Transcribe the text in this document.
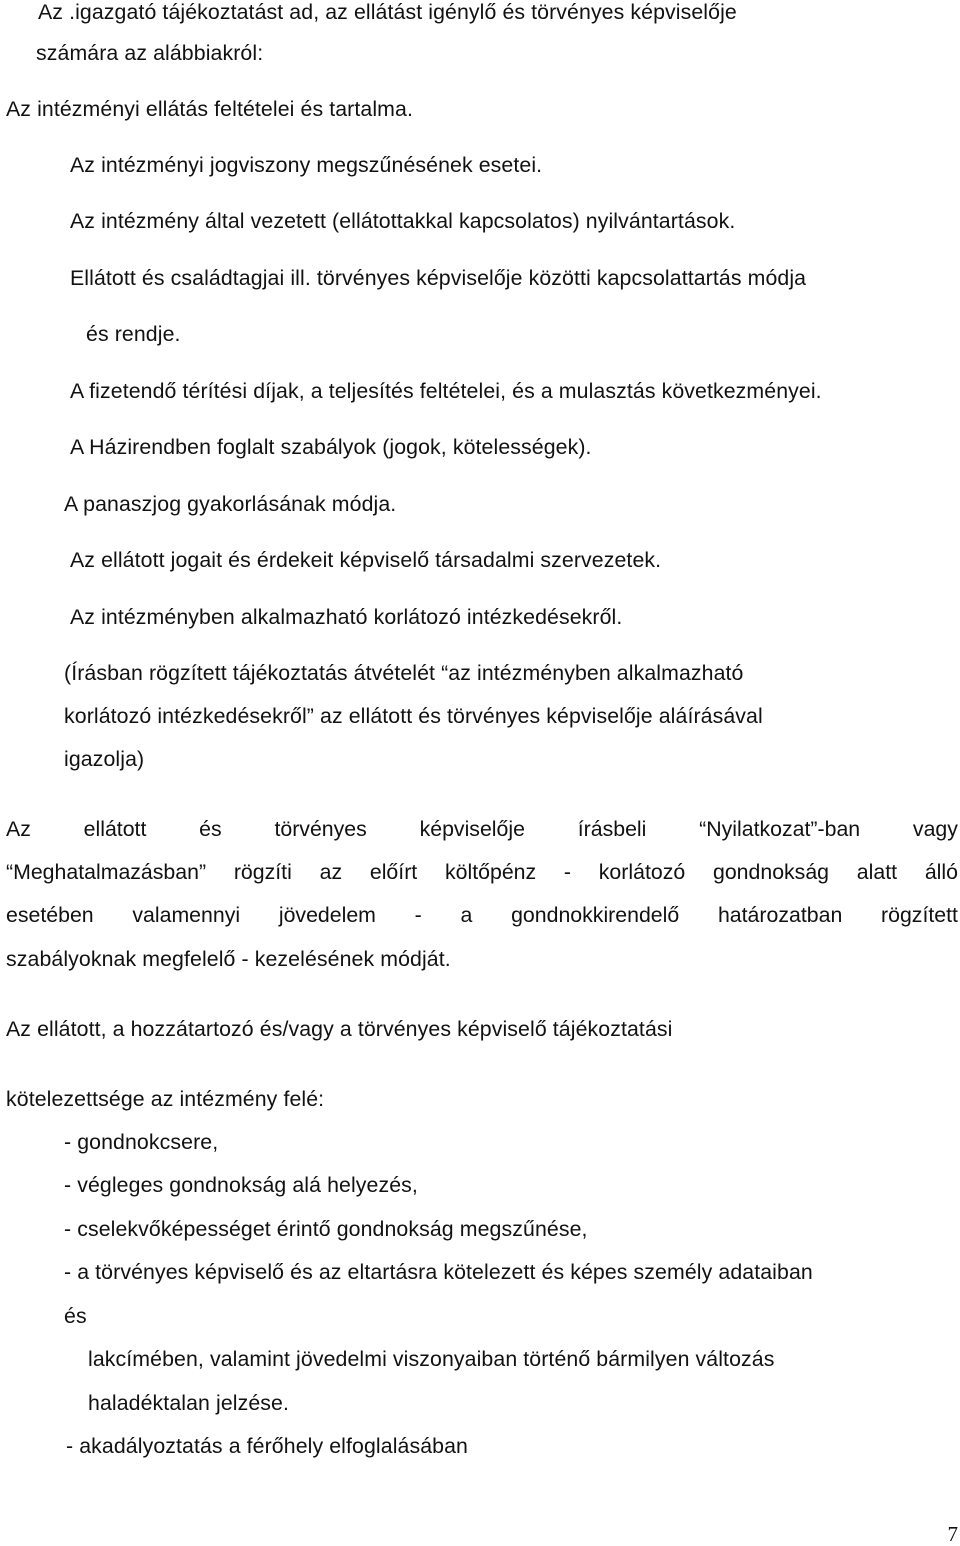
Az .igazgató tájékoztatást ad, az ellátást igénylő és törvényes képviselője
számára az alábbiakról:
Az intézményi ellátás feltételei és tartalma.
Az intézményi jogviszony megszűnésének esetei.
Az intézmény által vezetett (ellátottakkal kapcsolatos) nyilvántartások.
Ellátott és családtagjai ill. törvényes képviselője közötti kapcsolattartás módja
és rendje.
A fizetendő térítési díjak, a teljesítés feltételei, és a mulasztás következményei.
A Házirendben foglalt szabályok (jogok, kötelességek).
A panaszjog gyakorlásának módja.
Az ellátott jogait és érdekeit képviselő társadalmi szervezetek.
Az intézményben alkalmazható korlátozó intézkedésekről.
(Írásban rögzített tájékoztatás átvételét “az intézményben alkalmazható
korlátozó intézkedésekről” az ellátott és törvényes képviselője aláírásával
igazolja)
Az ellátott és törvényes képviselője írásbeli “Nyilatkozat”-ban vagy
“Meghatalmazásban” rögzíti az előírt költőpénz - korlátozó gondnokság alatt álló
esetében valamennyi jövedelem - a gondnokkirendelő határozatban rögzített
szabályoknak megfelelő - kezelésének módját.
Az ellátott, a hozzátartozó és/vagy a törvényes képviselő tájékoztatási
kötelezettsége az intézmény felé:
- gondnokcsere,
- végleges gondnokság alá helyezés,
- cselekvőképességet érintő gondnokság megszűnése,
- a törvényes képviselő és az eltartásra kötelezett és képes személy adataiban
és
lakcímében, valamint jövedelmi viszonyaiban történő bármilyen változás
haladéktalan jelzése.
- akadályoztatás a férőhely elfoglalásában
7
